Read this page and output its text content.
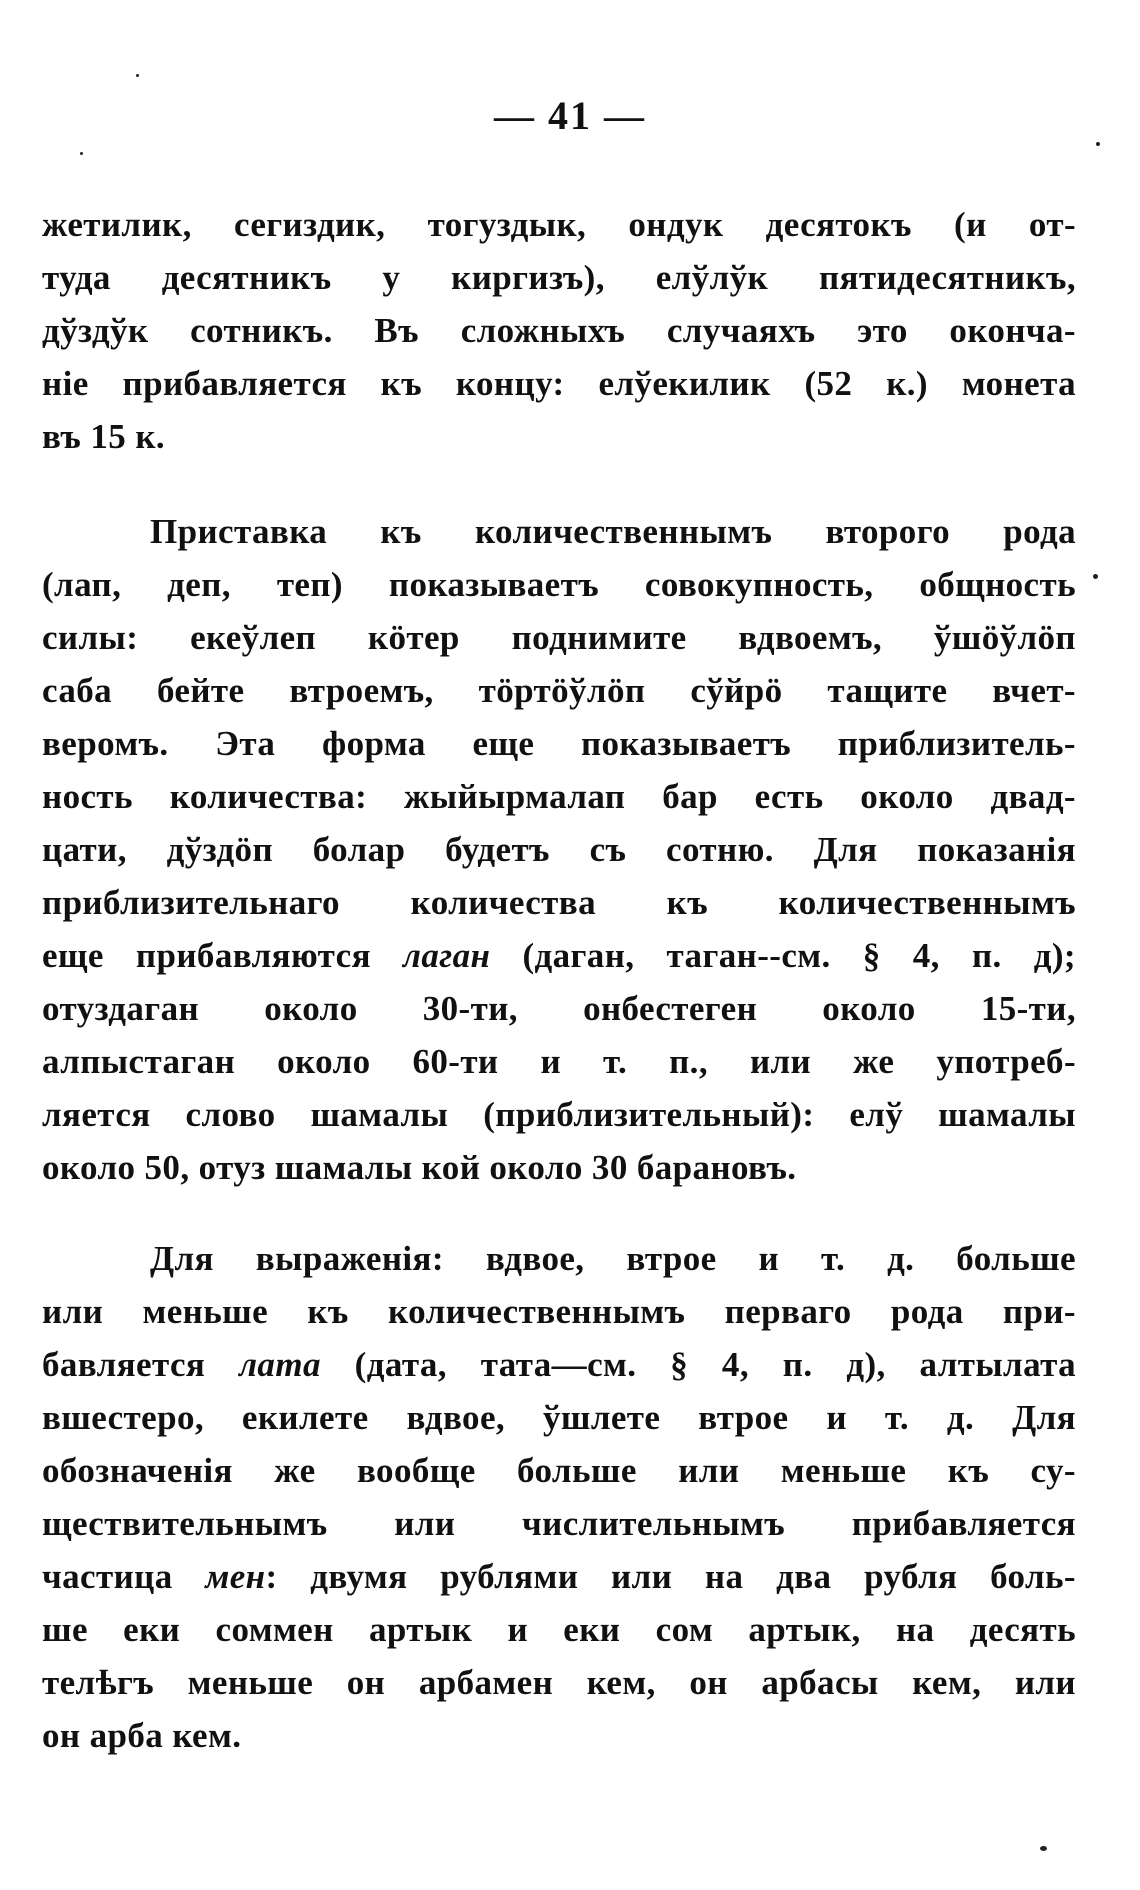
— 41 —
жетилик, сегиздик, тогуздык, ондук десятокъ (и от-
туда десятникъ у киргизъ), елўлўк пятидесятникъ,
дўздўк сотникъ. Въ сложныхъ случаяхъ это оконча-
ніе прибавляется къ концу: елўекилик (52 к.) монета
въ 15 к.
Приставка къ количественнымъ второго рода
(лап, деп, теп) показываетъ совокупность, общность
силы: екеўлеп кӧтер поднимите вдвоемъ, ўшӧўлӧп
саба бейте втроемъ, тӧртӧўлӧп сўйрӧ тащите вчет-
веромъ. Эта форма еще показываетъ приблизитель-
ность количества: жыйырмалап бар есть около двад-
цати, дўздӧп болар будетъ съ сотню. Для показанія
приблизительнаго количества къ количественнымъ
еще прибавляются лаган (даган, таган--см. § 4, п. д);
отуздаган около 30-ти, онбестеген около 15-ти,
алпыстаган около 60-ти и т. п., или же употреб-
ляется слово шамалы (приблизительный): елў шамалы
около 50, отуз шамалы кой около 30 барановъ.
Для выраженія: вдвое, втрое и т. д. больше
или меньше къ количественнымъ перваго рода при-
бавляется лата (дата, тата—см. § 4, п. д), алтылата
вшестеро, екилете вдвое, ўшлете втрое и т. д. Для
обозначенія же вообще больше или меньше къ су-
ществительнымъ или числительнымъ прибавляется
частица мен: двумя рублями или на два рубля боль-
ше еки соммен артык и еки сом артык, на десять
телѣгъ меньше он арбамен кем, он арбасы кем, или
он арба кем.
